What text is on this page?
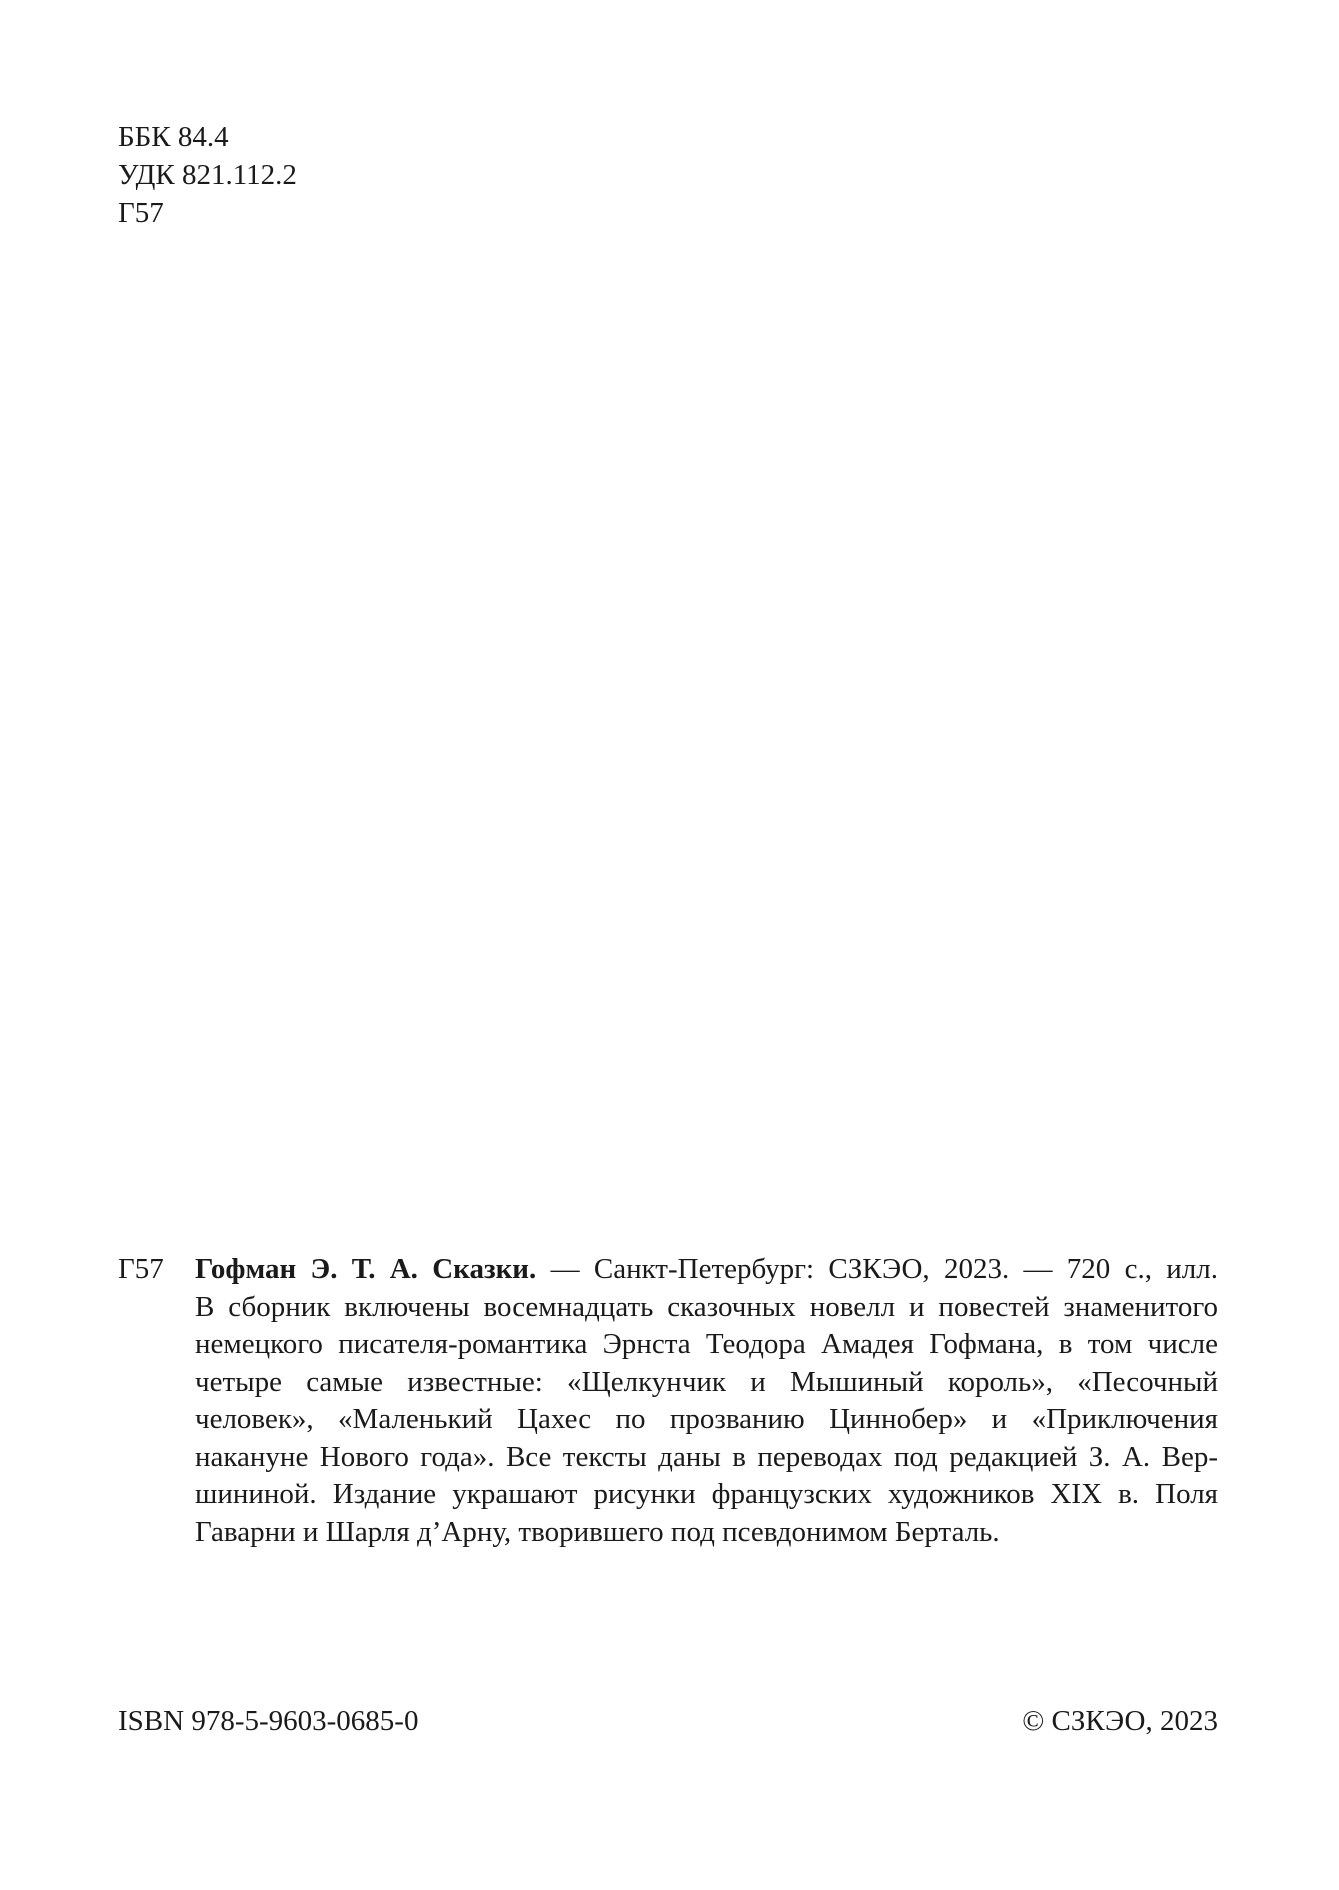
ББК 84.4
УДК 821.112.2
Г57
Г57	Гофман Э. Т. А. Сказки. — Санкт-Петербург: СЗКЭО, 2023. — 720 с., илл.
В сборник включены восемнадцать сказочных новелл и повестей знаменитого
немецкого писателя-романтика Эрнста Теодора Амадея Гофмана, в том числе
четыре самые известные: «Щелкунчик и Мышиный король», «Песочный
человек», «Маленький Цахес по прозванию Циннобер» и «Приключения
накануне Нового года». Все тексты даны в переводах под редакцией З. А. Вер-
шининой. Издание украшают рисунки французских художников XIX в. Поля
Гаварни и Шарля д’Арну, творившего под псевдонимом Берталь.
ISBN 978-5-9603-0685-0	© СЗКЭО, 2023
